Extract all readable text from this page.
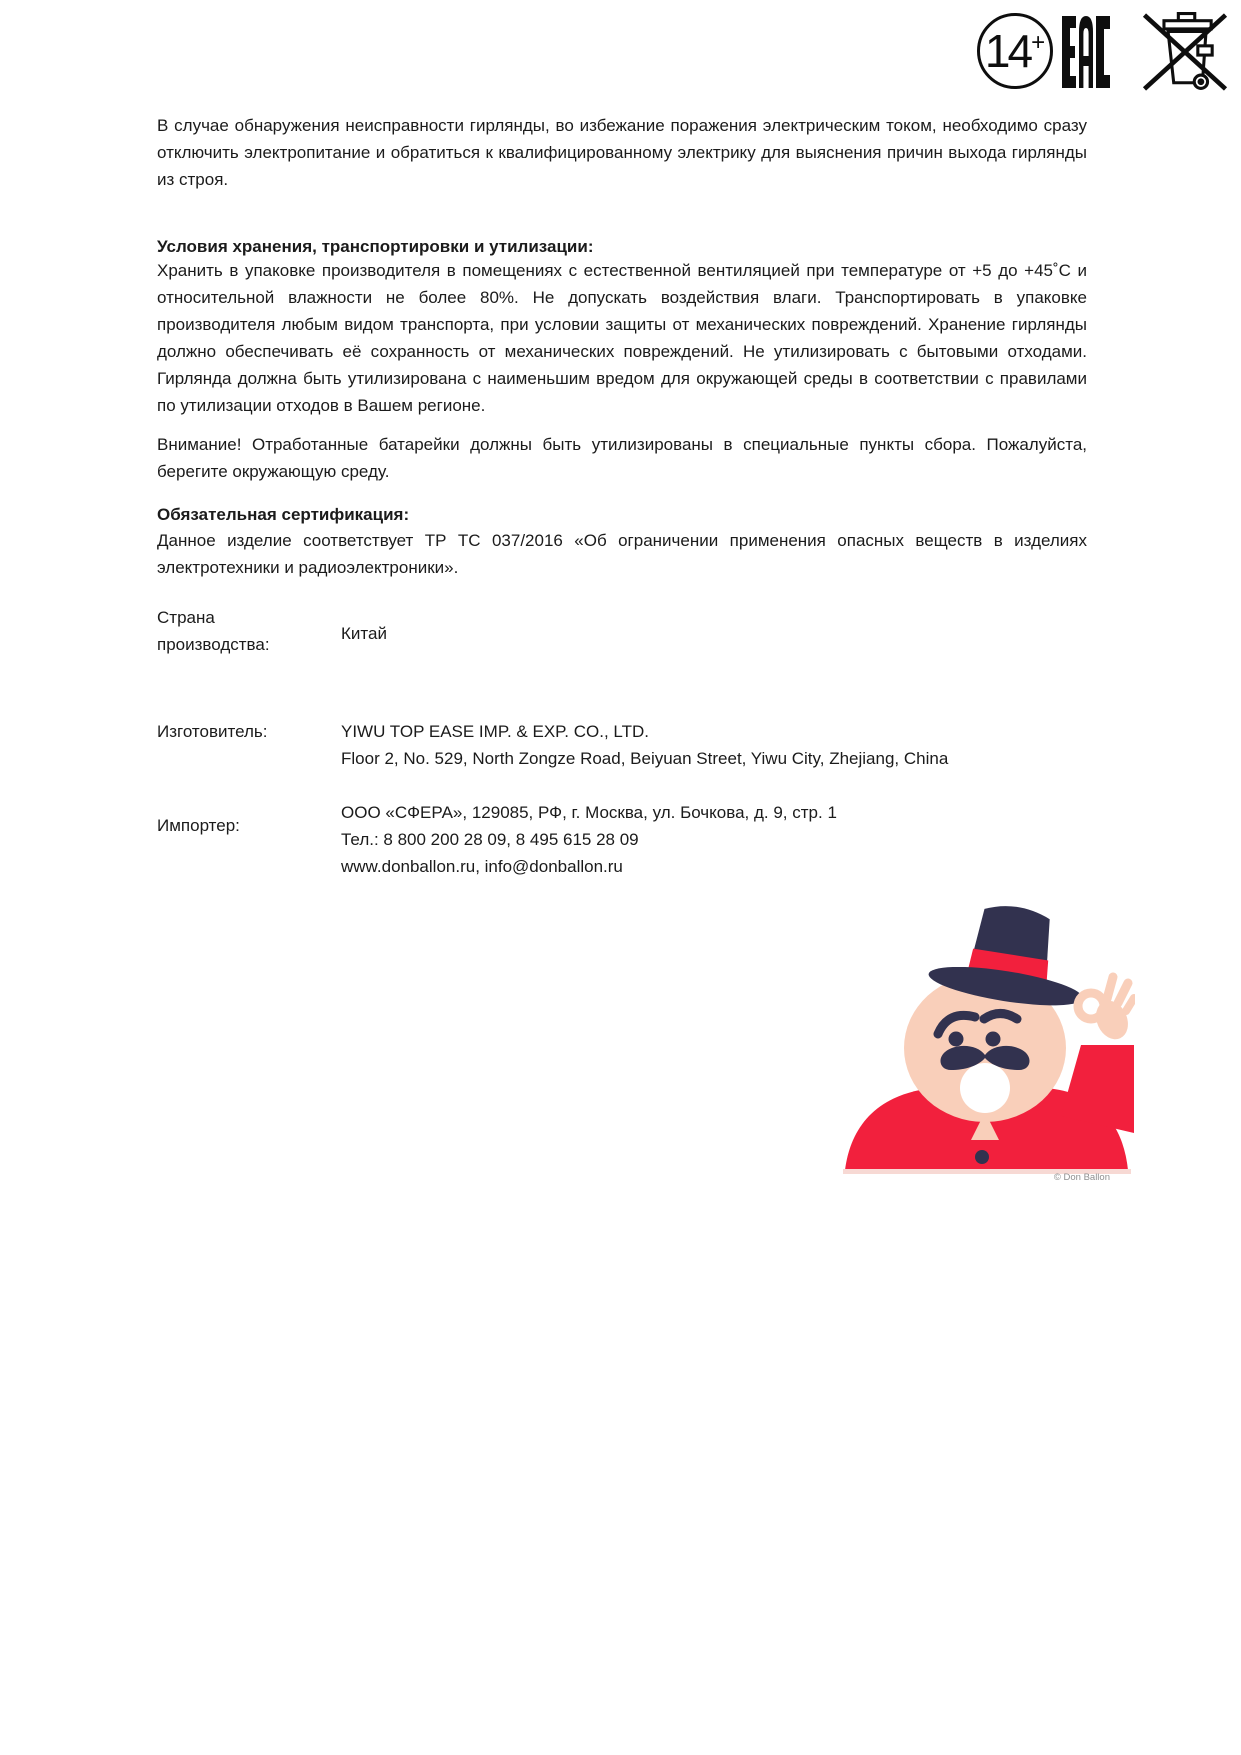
14 +

В случае обнаружения неисправности гирлянды, во избежание поражения электрическим током, необходимо сразу отключить электропитание и обратиться к квалифицированному электрику для выяснения причин выхода гирлянды из строя.

Условия хранения, транспортировки и утилизации:

Хранить в упаковке производителя в помещениях с естественной вентиляцией при температуре от +5 до +45˚С и относительной влажности не более 80%. Не допускать воздействия влаги. Транспортировать в упаковке производителя любым видом транспорта, при условии защиты от механических повреждений. Хранение гирлянды должно обеспечивать её сохранность от механических повреждений. Не утилизировать с бытовыми отходами. Гирлянда должна быть утилизирована с наименьшим вредом для окружающей среды в соответствии с правилами по утилизации отходов в Вашем регионе.

Внимание! Отработанные батарейки должны быть утилизированы в специальные пункты сбора. Пожалуйста, берегите окружающую среду.

Обязательная сертификация:

Данное изделие соответствует ТР ТС 037/2016 «Об ограничении применения опасных веществ в изделиях электротехники и радиоэлектроники».

Страна производства:
Китай
Изготовитель:	YIWU TOP EASE IMP. & EXP. CO., LTD.
Floor 2, No. 529, North Zongze Road, Beiyuan Street, Yiwu City, Zhejiang, China
Импортер:
ООО «СФЕРА», 129085, РФ, г. Москва, ул. Бочкова, д. 9, стр. 1
Тел.: 8 800 200 28 09, 8 495 615 28 09
www.donballon.ru, info@donballon.ru
© Don Ballon
